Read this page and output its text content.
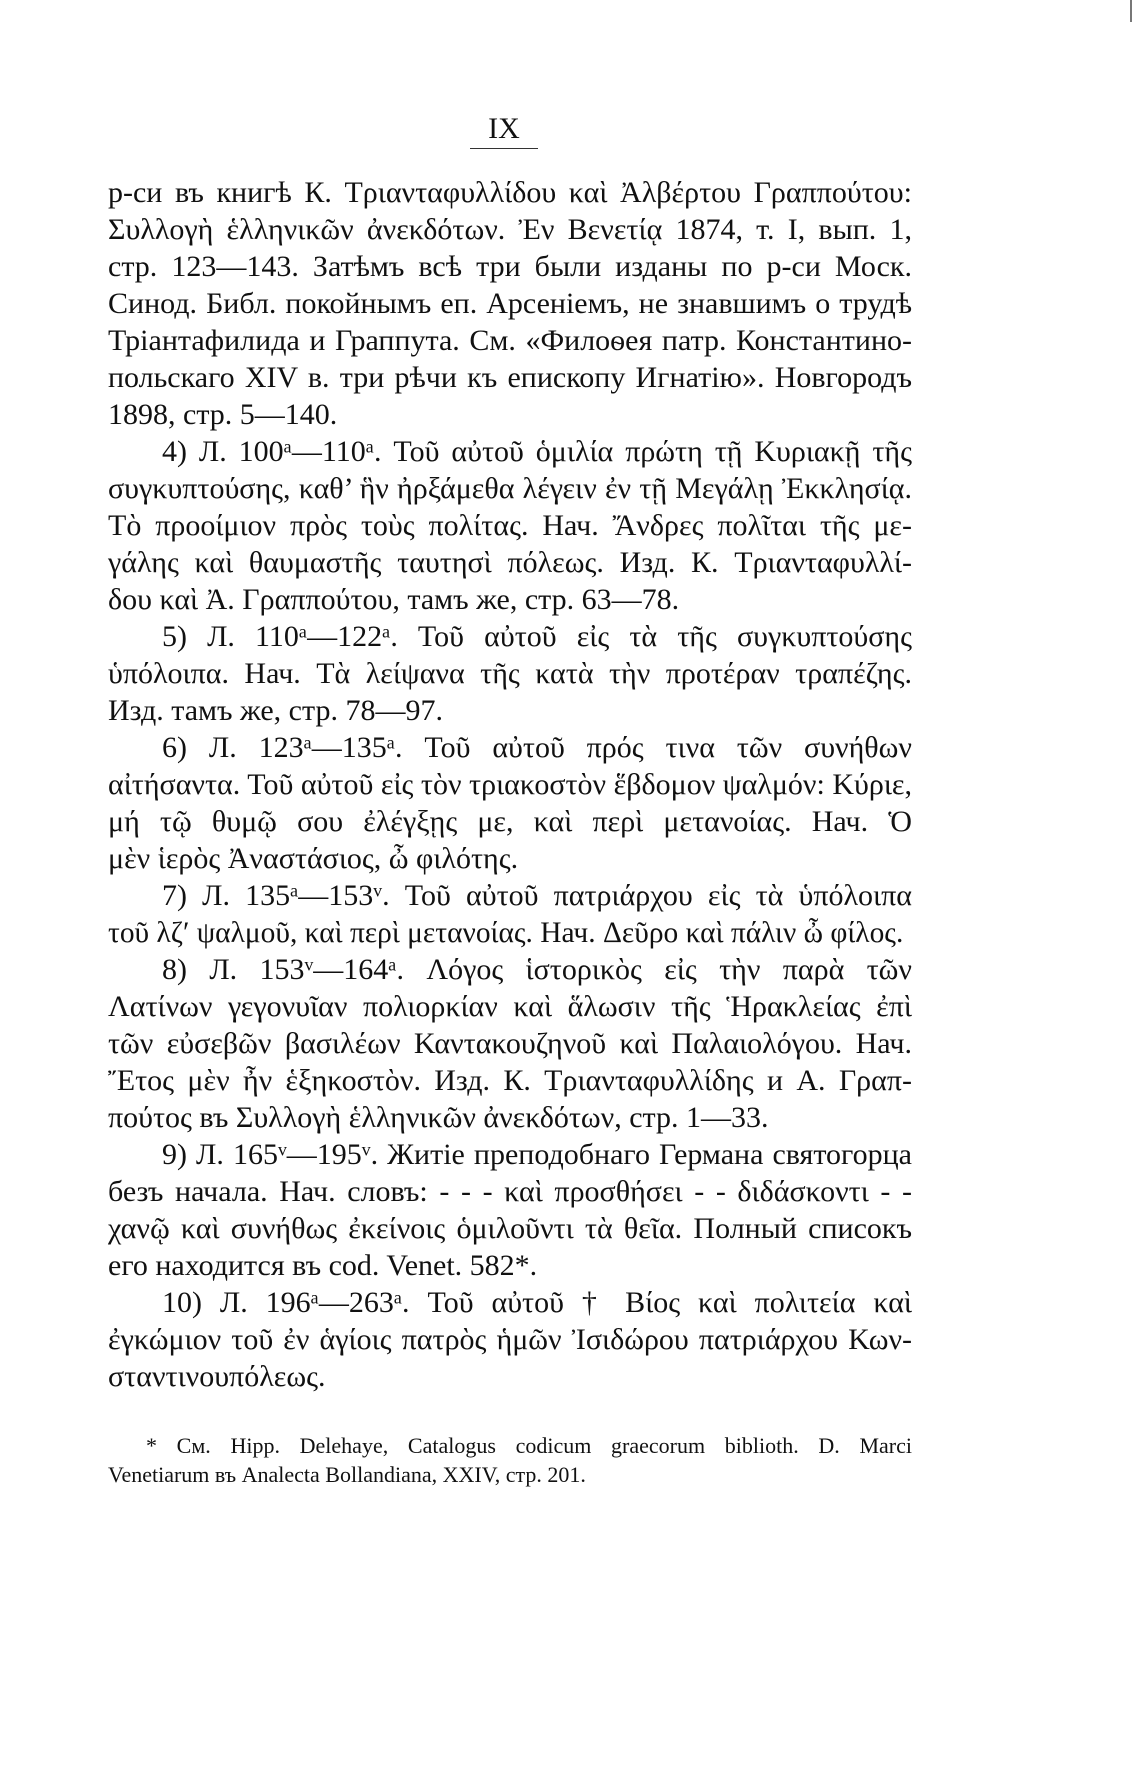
IX
р-си въ книгѣ К. Τριανταφυλλίδου καὶ Ἀλβέρτου Γραππούτου:
Συλλογὴ ἑλληνικῶν ἀνεκδότων. Ἐν Βενετίᾳ 1874, т. I, вып. 1,
стр. 123—143. Затѣмъ всѣ три были изданы по р-си Моск.
Синод. Библ. покойнымъ еп. Арсеніемъ, не знавшимъ о трудѣ
Тріантафилида и Граппута. См. «Филоѳея патр. Константино-
польскаго XIV в. три рѣчи къ епископу Игнатію». Новгородъ
1898, стр. 5—140.
4) Л. 100ᵃ—110ᵃ. Τοῦ αὐτοῦ ὁμιλία πρώτη τῇ Κυριακῇ τῆς
συγκυπτούσης, καθ’ ἣν ἠρξάμεθα λέγειν ἐν τῇ Μεγάλῃ Ἐκκλησίᾳ.
Τὸ προοίμιον πρὸς τοὺς πολίτας. Нач. Ἄνδρες πολῖται τῆς με-
γάλης καὶ θαυμαστῆς ταυτησὶ πόλεως. Изд. К. Τριανταφυλλί-
δου καὶ Ἀ. Γραππούτου, тамъ же, стр. 63—78.
5) Л. 110ᵃ—122ᵃ. Τοῦ αὐτοῦ εἰς τὰ τῆς συγκυπτούσης
ὑπόλοιπα. Нач. Τὰ λείψανα τῆς κατὰ τὴν προτέραν τραπέζης.
Изд. тамъ же, стр. 78—97.
6) Л. 123ᵃ—135ᵃ. Τοῦ αὐτοῦ πρός τινα τῶν συνήθων
αἰτήσαντα. Τοῦ αὐτοῦ εἰς τὸν τριακοστὸν ἕβδομον ψαλμόν: Κύριε,
μή τῷ θυμῷ σου ἐλέγξῃς με, καὶ περὶ μετανοίας. Нач. Ὁ
μὲν ἱερὸς Ἀναστάσιος, ὦ φιλότης.
7) Л. 135ᵃ—153ᵛ. Τοῦ αὐτοῦ πατριάρχου εἰς τὰ ὑπόλοιπα
τοῦ λζ′ ψαλμοῦ, καὶ περὶ μετανοίας. Нач. Δεῦρο καὶ πάλιν ὦ φίλος.
8) Л. 153ᵛ—164ᵃ. Λόγος ἱστορικὸς εἰς τὴν παρὰ τῶν
Λατίνων γεγονυῖαν πολιορκίαν καὶ ἅλωσιν τῆς Ἡρακλείας ἐπὶ
τῶν εὐσεβῶν βασιλέων Καντακουζηνοῦ καὶ Παλαιολόγου. Нач.
Ἔτος μὲν ἦν ἑξηκοστὸν. Изд. К. Τριανταφυλλίδης и А. Γραπ-
πούτος въ Συλλογὴ ἑλληνικῶν ἀνεκδότων, стр. 1—33.
9) Л. 165ᵛ—195ᵛ. Житіе преподобнаго Германа святогорца
безъ начала. Нач. словъ: - - - καὶ προσθήσει - - διδάσκοντι - -
χανῷ καὶ συνήθως ἐκείνοις ὁμιλοῦντι τὰ θεῖα. Полный списокъ
его находится въ cod. Venet. 582*.
10) Л. 196ᵃ—263ᵃ. Τοῦ αὐτοῦ † Βίος καὶ πολιτεία καὶ
ἐγκώμιον τοῦ ἐν ἁγίοις πατρὸς ἡμῶν Ἰσιδώρου πατριάρχου Κων-
σταντινουπόλεως.
* См. Hipp. Delehaye, Catalogus codicum graecorum biblioth. D. Marci
Venetiarum въ Analecta Bollandiana, XXIV, стр. 201.
